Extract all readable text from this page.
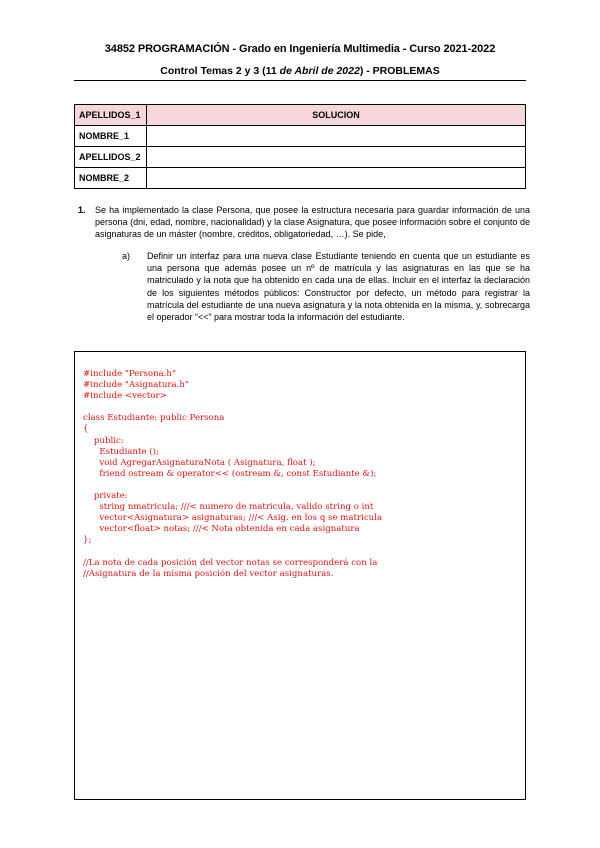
34852 PROGRAMACIÓN - Grado en Ingeniería Multimedia - Curso 2021-2022
Control Temas 2 y 3 (11 de Abril de 2022) - PROBLEMAS
APELLIDOS_1	SOLUCION
NOMBRE_1	
APELLIDOS_2	
NOMBRE_2	
1. Se ha implementado la clase Persona, que posee la estructura necesaria para guardar información de una persona (dni, edad, nombre, nacionalidad) y la clase Asignatura, que posee información sobre el conjunto de asignaturas de un máster (nombre, créditos, obligatoriedad, …). Se pide,
a) Definir un interfaz para una nueva clase Estudiante teniendo en cuenta que un estudiante es una persona que además posee un nº de matrícula y las asignaturas en las que se ha matriculado y la nota que ha obtenido en cada una de ellas. Incluir en el interfaz la declaración de los siguientes métodos públicos: Constructor por defecto, un método para registrar la matrícula del estudiante de una nueva asignatura y la nota obtenida en la misma, y, sobrecarga el operador “<<” para mostrar toda la información del estudiante.
#include "Persona.h"
#include "Asignatura.h"
#include <vector>

class Estudiante: public Persona
{
public:
Estudiante ();
void AgregarAsignaturaNota ( Asignatura, float );
friend ostream & operator<< (ostream &, const Estudiante &);

private:
string nmatricula; ///< numero de matricula, valido string o int
vector<Asignatura> asignaturas; ///< Asig. en los q se matricula
vector<float> notas; ///< Nota obtenida en cada asignatura
};

//La nota de cada posición del vector notas se corresponderá con la
//Asignatura de la misma posición del vector asignaturas.
